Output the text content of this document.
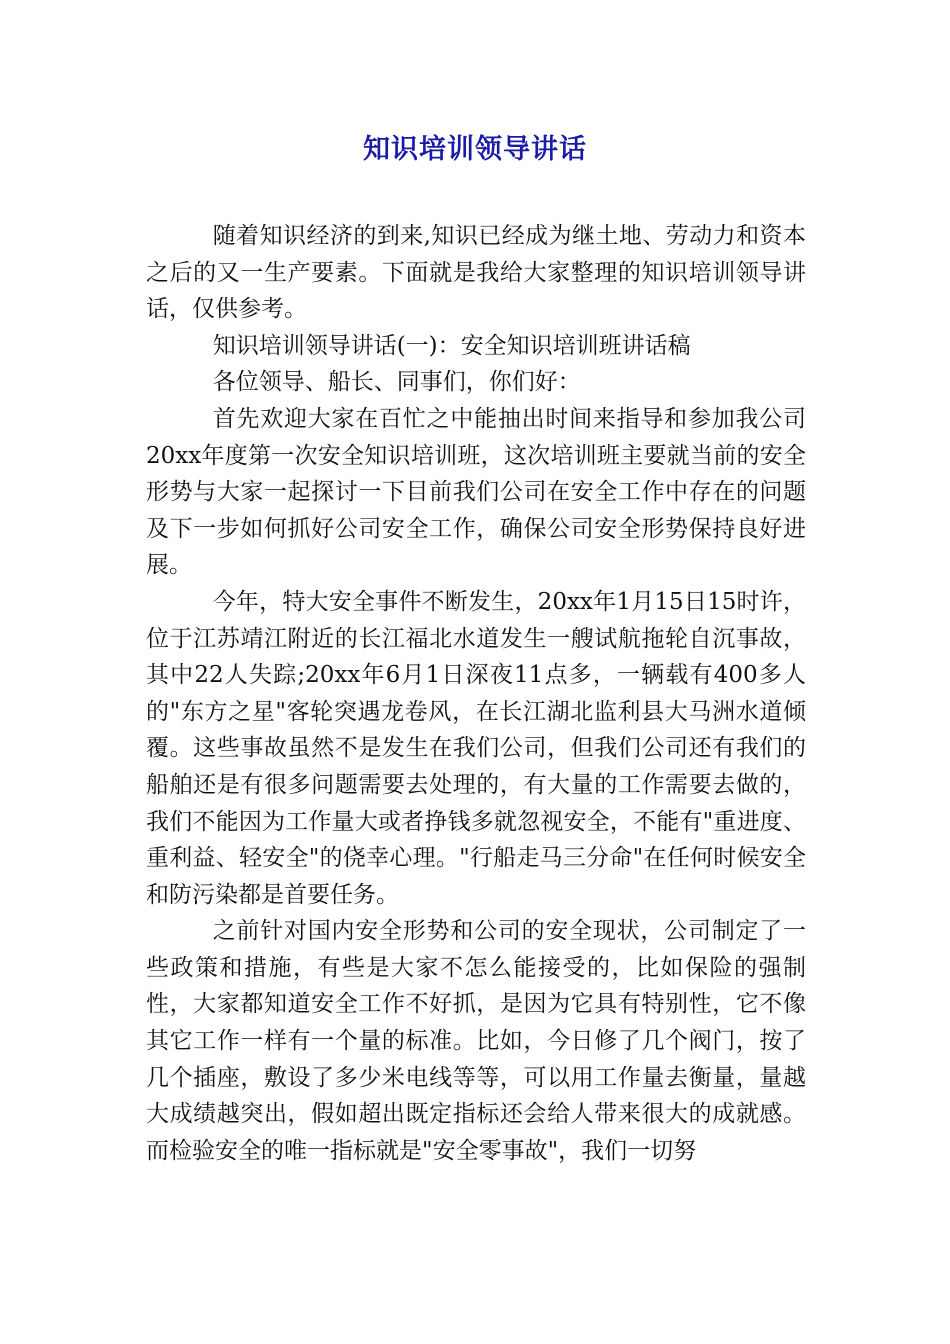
知识培训领导讲话

随着知识经济的到来,知识已经成为继土地、劳动力和资本之后的又一生产要素。下面就是我给大家整理的知识培训领导讲话，仅供参考。

知识培训领导讲话(一)：安全知识培训班讲话稿

各位领导、船长、同事们，你们好：

首先欢迎大家在百忙之中能抽出时间来指导和参加我公司20xx年度第一次安全知识培训班，这次培训班主要就当前的安全形势与大家一起探讨一下目前我们公司在安全工作中存在的问题及下一步如何抓好公司安全工作，确保公司安全形势保持良好进展。

今年，特大安全事件不断发生，20xx年1月15日15时许，位于江苏靖江附近的长江福北水道发生一艘试航拖轮自沉事故，其中22人失踪;20xx年6月1日深夜11点多，一辆载有400多人的"东方之星"客轮突遇龙卷风，在长江湖北监利县大马洲水道倾覆。这些事故虽然不是发生在我们公司，但我们公司还有我们的船舶还是有很多问题需要去处理的，有大量的工作需要去做的，我们不能因为工作量大或者挣钱多就忽视安全，不能有"重进度、重利益、轻安全"的侥幸心理。"行船走马三分命"在任何时候安全和防污染都是首要任务。

之前针对国内安全形势和公司的安全现状，公司制定了一些政策和措施，有些是大家不怎么能接受的，比如保险的强制性，大家都知道安全工作不好抓，是因为它具有特别性，它不像其它工作一样有一个量的标准。比如，今日修了几个阀门，按了几个插座，敷设了多少米电线等等，可以用工作量去衡量，量越大成绩越突出，假如超出既定指标还会给人带来很大的成就感。而检验安全的唯一指标就是"安全零事故"，我们一切努
